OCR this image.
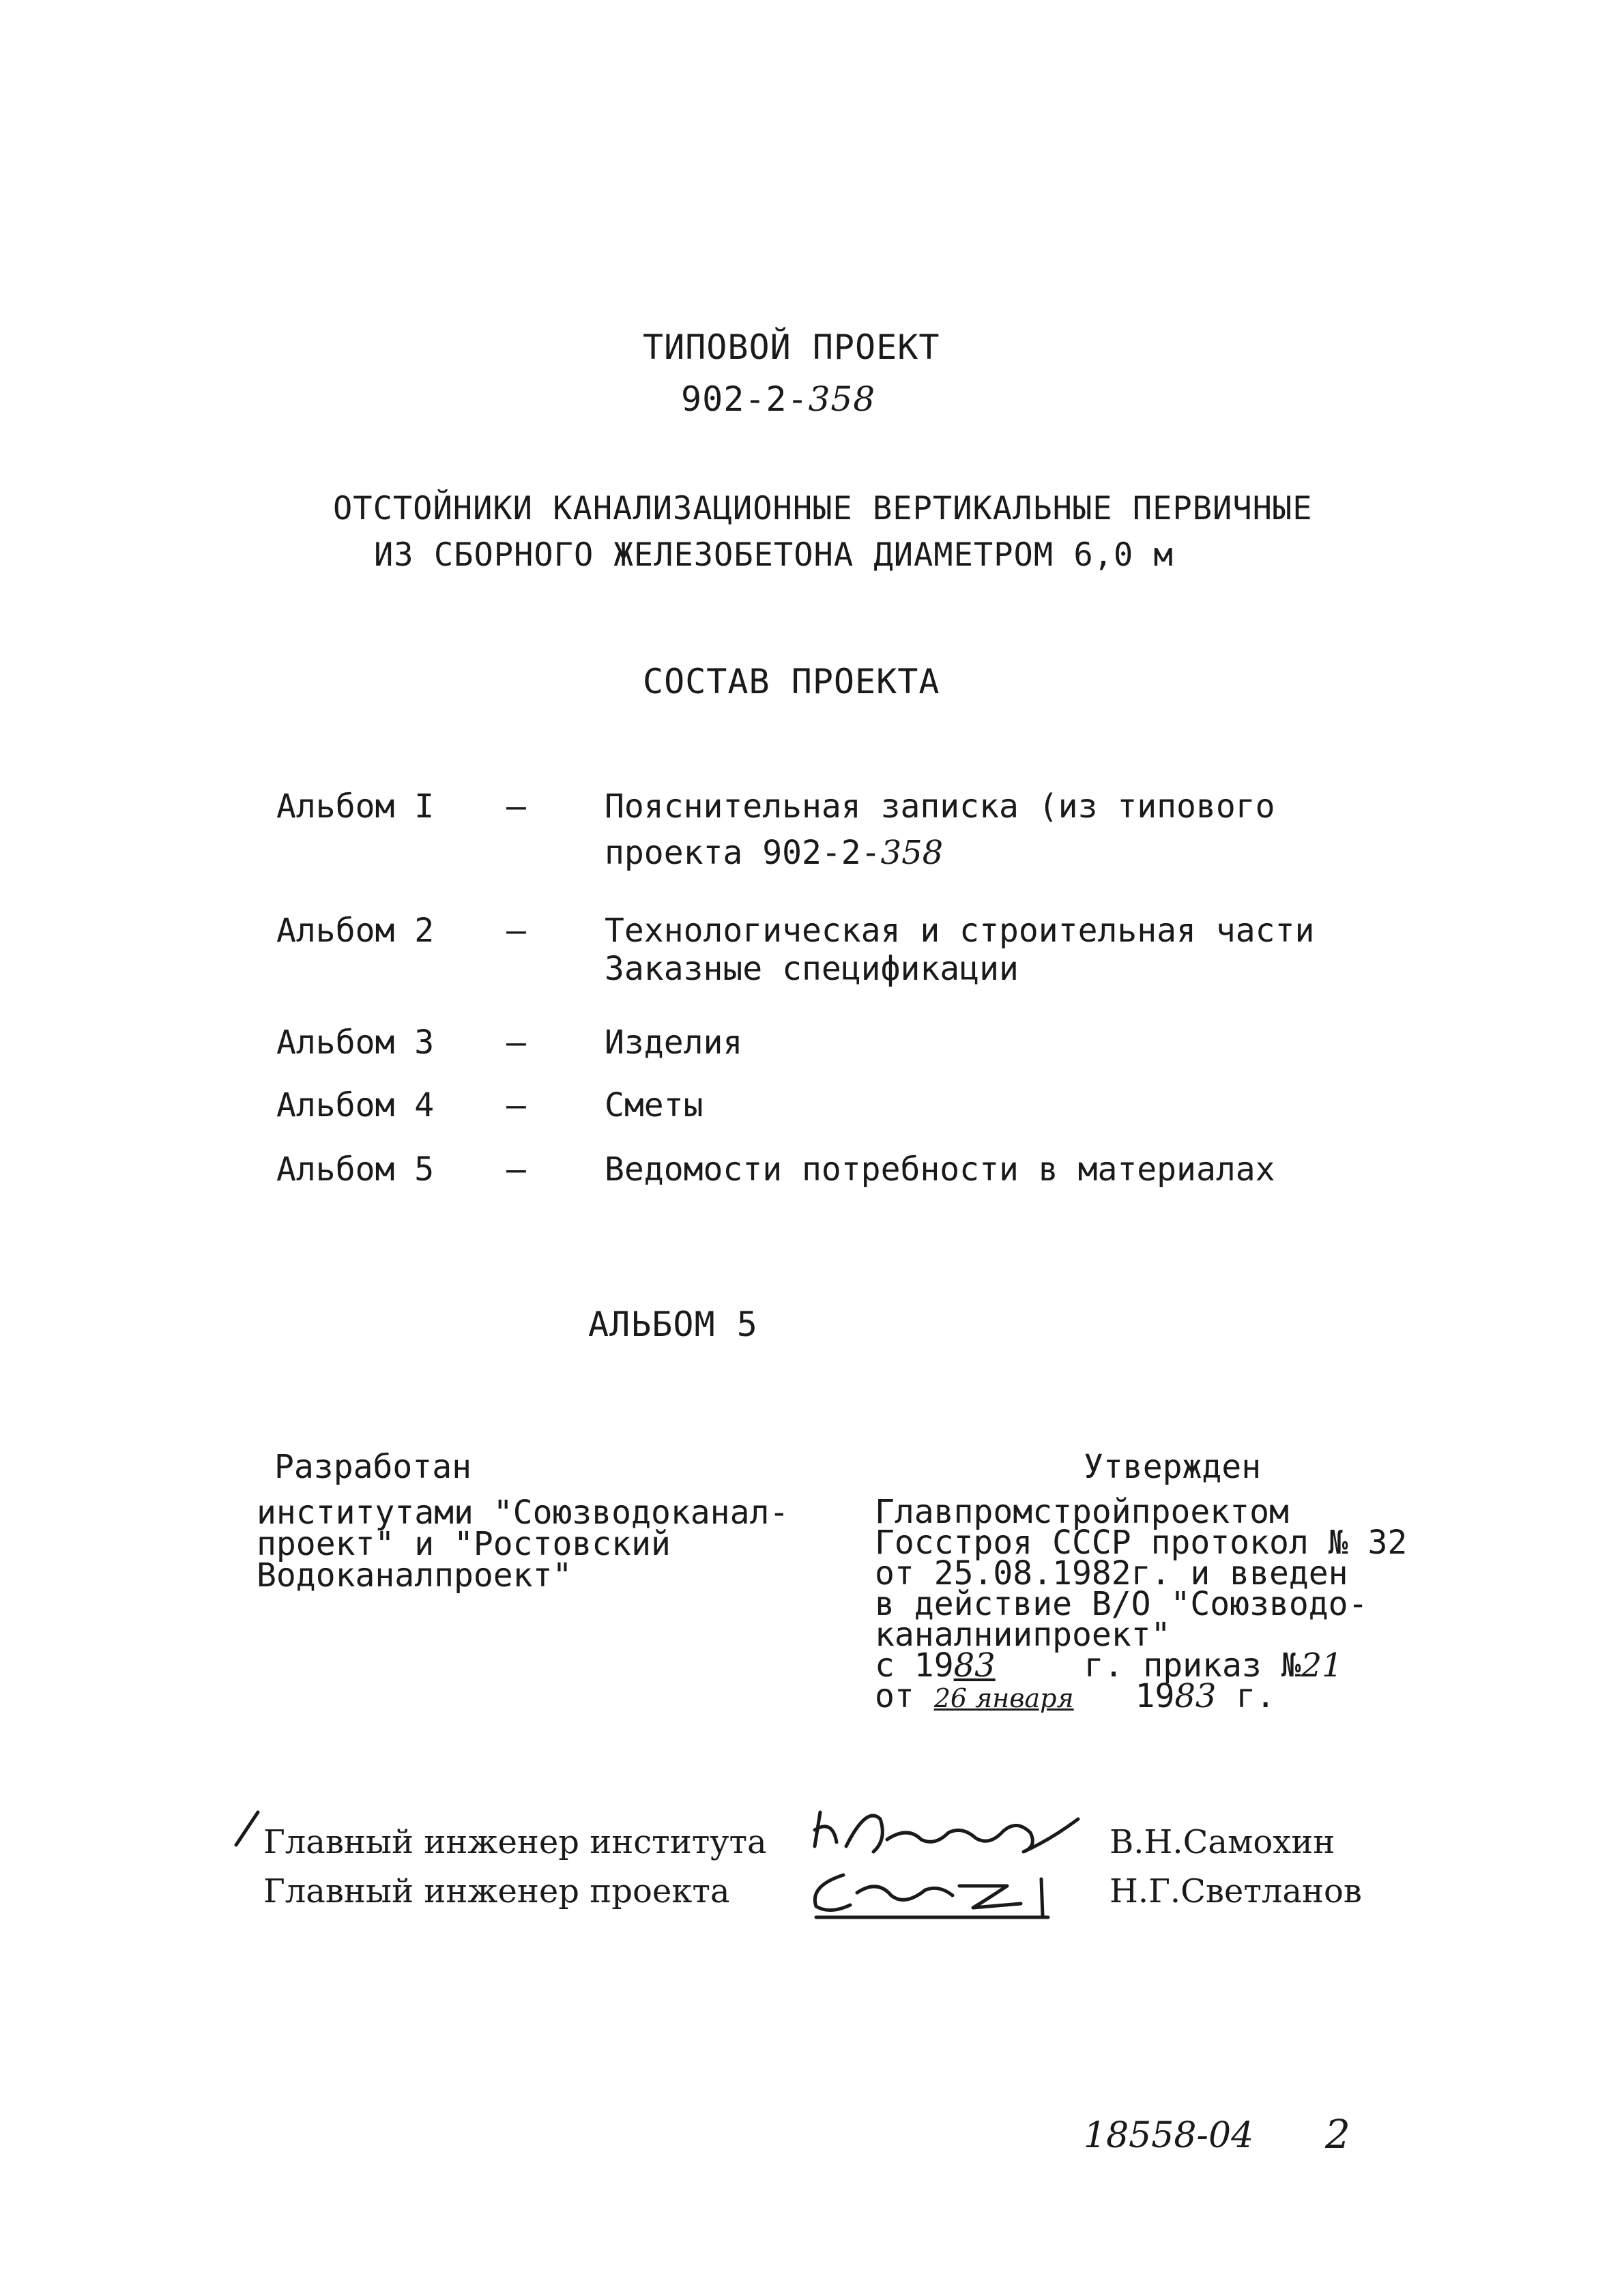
ТИПОВОЙ ПРОЕКТ
902-2-358
ОТСТОЙНИКИ КАНАЛИЗАЦИОННЫЕ ВЕРТИКАЛЬНЫЕ ПЕРВИЧНЫЕ
ИЗ СБОРНОГО ЖЕЛЕЗОБЕТОНА ДИАМЕТРОМ 6,0 м
СОСТАВ ПРОЕКТА
Альбом I – Пояснительная записка (из типового
проекта 902-2-358
Альбом 2 – Технологическая и строительная части
Заказные спецификации
Альбом 3 – Изделия
Альбом 4 – Сметы
Альбом 5 – Ведомости потребности в материалах
АЛЬБОМ 5
Разработан
институтами "Союзводоканал-
проект" и "Ростовский
Водоканалпроект"
Утвержден
Главпромстройпроектом
Госстроя СССР протокол № 32
от 25.08.1982г. и введен
в действие В/О "Союзводо-
каналниипроект"
с 1983	г. приказ №21
от 26 января 1983 г.
Главный инженер института
Главный инженер проекта
В.Н.Самохин
Н.Г.Светланов
18558-04 2
